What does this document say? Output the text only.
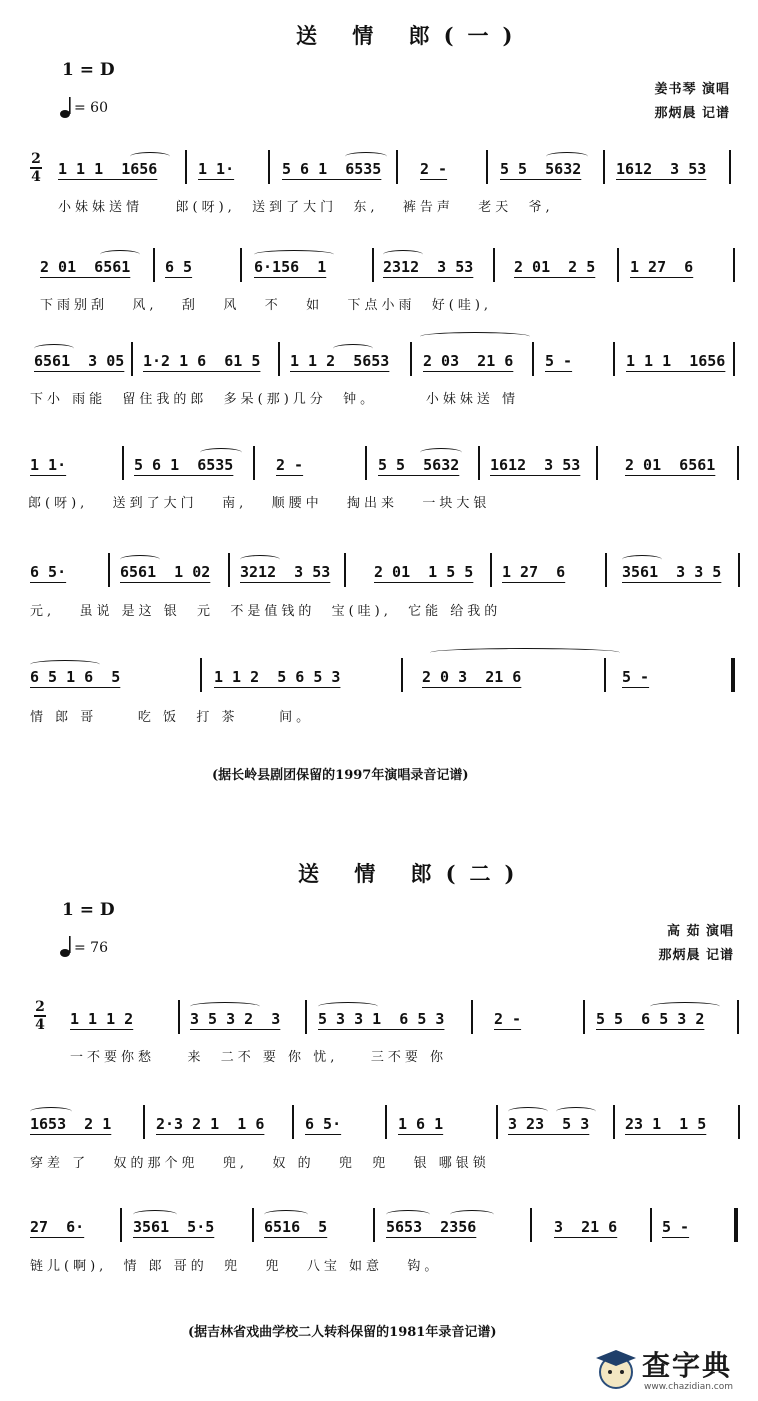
送 情 郎(一)
1 = D
= 60
姜书琴 演唱
那炳晨 记谱
2
4 1 1 1  1656	1 1·	5 6 1  6535	2 -	5 5  5632 1612  3 53
小妹妹送情    郎(呀),  送到了大门  东,   裤告声   老天  爷,
2 01  6561 6 5	6·156  1	2312  3 53	2 01  2 5 1 27  6
下雨别刮   风,   刮   风   不   如   下点小雨  好(哇),
6561  3 05 1·2 1 6  61 5 1 1 2  5653 2 03  21 6 5 -	1 1 1  1656
下小 雨能  留住我的郎  多呆(那)几分  钟。      小妹妹送 情
1 1·	5 6 1  6535	2 -	5 5  5632 1612  3 53	2 01  6561
郎(呀),   送到了大门   南,   顺腰中   掏出来   一块大银
6 5·	6561  1 02 3212  3 53	2 01  1 5 5 1 27  6	3561  3 3 5
元,   虽说 是这 银  元  不是值钱的  宝(哇),  它能 给我的
6 5 1 6  5	1 1 2  5 6 5 3	2 0 3  21 6	5 -
情 郎 哥     吃 饭  打 茶     间。
(据长岭县剧团保留的1997年演唱录音记谱)
送 情 郎(二)
1 = D
= 76
高 茹 演唱
那炳晨 记谱
2
4 1 1 1 2	3 5 3 2  3	5 3 3 1  6 5 3	2 -	5 5  6 5 3 2
一不要你愁    来  二不 要 你 忧,    三不要 你
1653  2 1	2·3 2 1  1 6	6 5·	1 6 1	3 23  5 3 23 1  1 5
穿差 了   奴的那个兜   兜,   奴 的   兜  兜   银 哪银锁
27  6·	3561  5·5	6516  5	5653  2356	3  21 6	5 -
链儿(啊),  情 郎 哥的  兜   兜   八宝 如意   钩。
(据吉林省戏曲学校二人转科保留的1981年录音记谱)
查字典
www.chazidian.com
